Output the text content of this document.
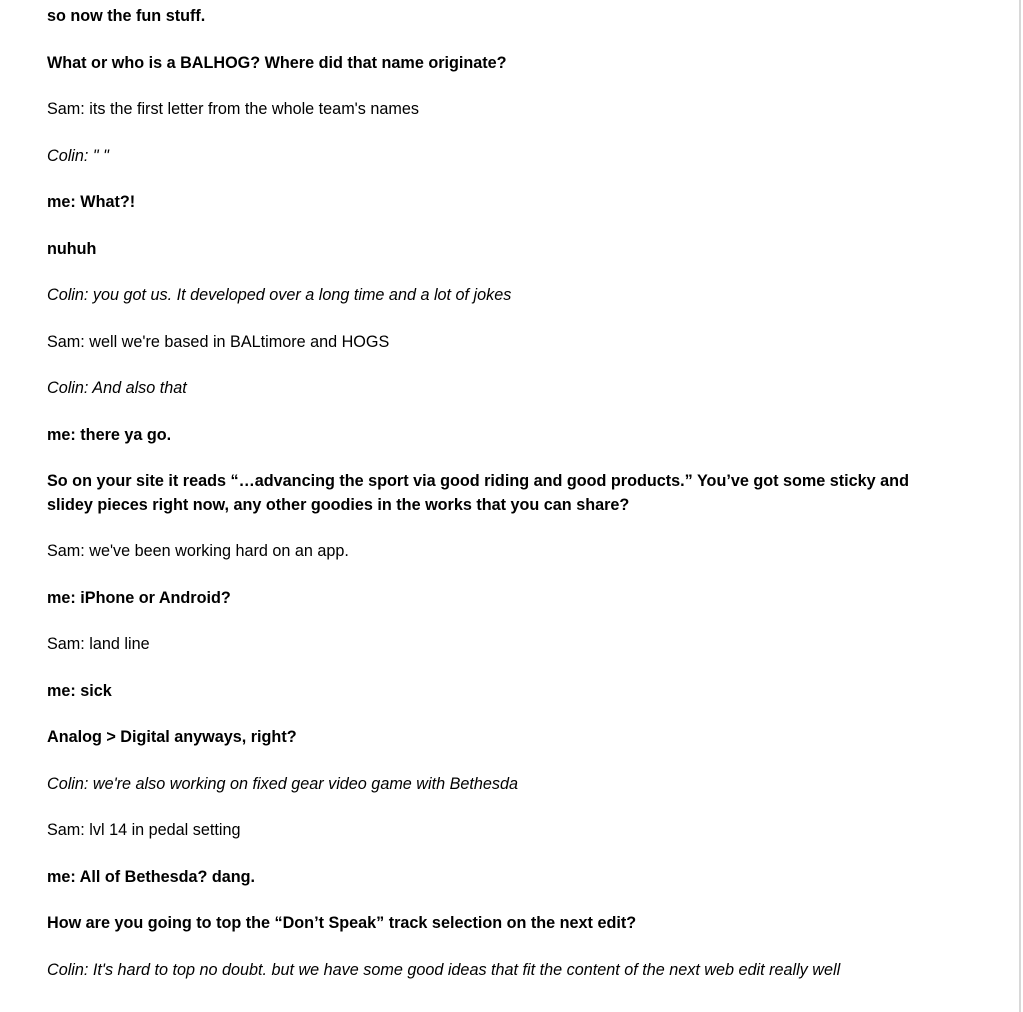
so now the fun stuff.

What or who is a BALHOG? Where did that name originate?

Sam: its the first letter from the whole team's names

Colin: " "

me: What?!

nuhuh

Colin: you got us. It developed over a long time and a lot of jokes

Sam: well we're based in BALtimore and HOGS

Colin: And also that

me: there ya go.

So on your site it reads “…advancing the sport via good riding and good products.” You’ve got some sticky and slidey pieces right now, any other goodies in the works that you can share?

Sam: we've been working hard on an app.

me: iPhone or Android?

Sam: land line

me: sick

Analog > Digital anyways, right?

Colin: we're also working on fixed gear video game with Bethesda

Sam: lvl 14 in pedal setting

me: All of Bethesda? dang.

How are you going to top the “Don’t Speak” track selection on the next edit?

Colin: It's hard to top no doubt. but we have some good ideas that fit the content of the next web edit really well
